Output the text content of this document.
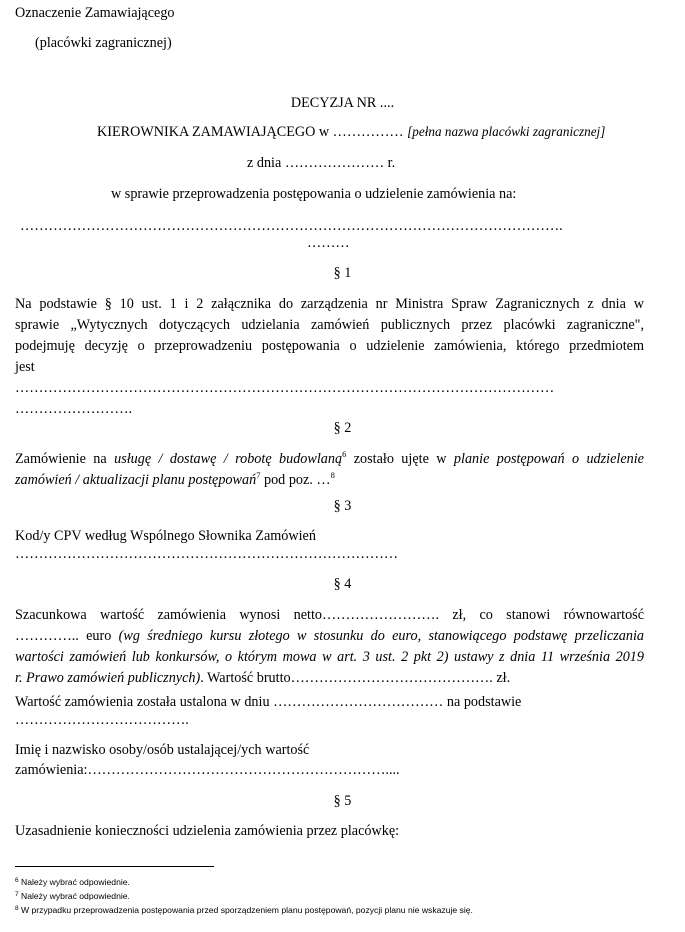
Oznaczenie Zamawiającego
(placówki zagranicznej)
DECYZJA NR ....
KIEROWNIKA ZAMAWIAJĄCEGO w …………… [pełna nazwa placówki zagranicznej]
z dnia ………………… r.
w sprawie przeprowadzenia postępowania o udzielenie zamówienia na:
…………………………………………………………………………………………………….
………
§ 1
Na podstawie § 10 ust. 1 i 2 załącznika do zarządzenia nr Ministra Spraw Zagranicznych z dnia w
sprawie „Wytycznych dotyczących udzielania zamówień publicznych przez placówki zagraniczne",
podejmuję decyzję o przeprowadzeniu postępowania o udzielenie zamówienia, którego przedmiotem
jest
……………………………………………………………………………………………………
…………………….
§ 2
Zamówienie na usługę / dostawę / robotę budowlaną$^6$ zostało ujęte w planie postępowań o udzielenie
zamówień / aktualizacji planu postępowań$^7$ pod poz. …$^8$
§ 3
Kod/y CPV według Wspólnego Słownika Zamówień
………………………………………………………………………
§ 4
Szacunkowa wartość zamówienia wynosi netto……………………. zł, co stanowi równowartość
………….. euro (wg średniego kursu złotego w stosunku do euro, stanowiącego podstawę przeliczania
wartości zamówień lub konkursów, o którym mowa w art. 3 ust. 2 pkt 2) ustawy z dnia 11 września 2019
r. Prawo zamówień publicznych). Wartość brutto……………………………………. zł.
Wartość zamówienia została ustalona w dniu ……………………………… na podstawie
……………………………….
Imię i nazwisko osoby/osób ustalającej/ych wartość
zamówienia:………………………………………………………....
§ 5
Uzasadnienie konieczności udzielenia zamówienia przez placówkę:
$^6$ Należy wybrać odpowiednie.
$^7$ Należy wybrać odpowiednie.
$^8$ W przypadku przeprowadzenia postępowania przed sporządzeniem planu postępowań, pozycji planu nie wskazuje się.
